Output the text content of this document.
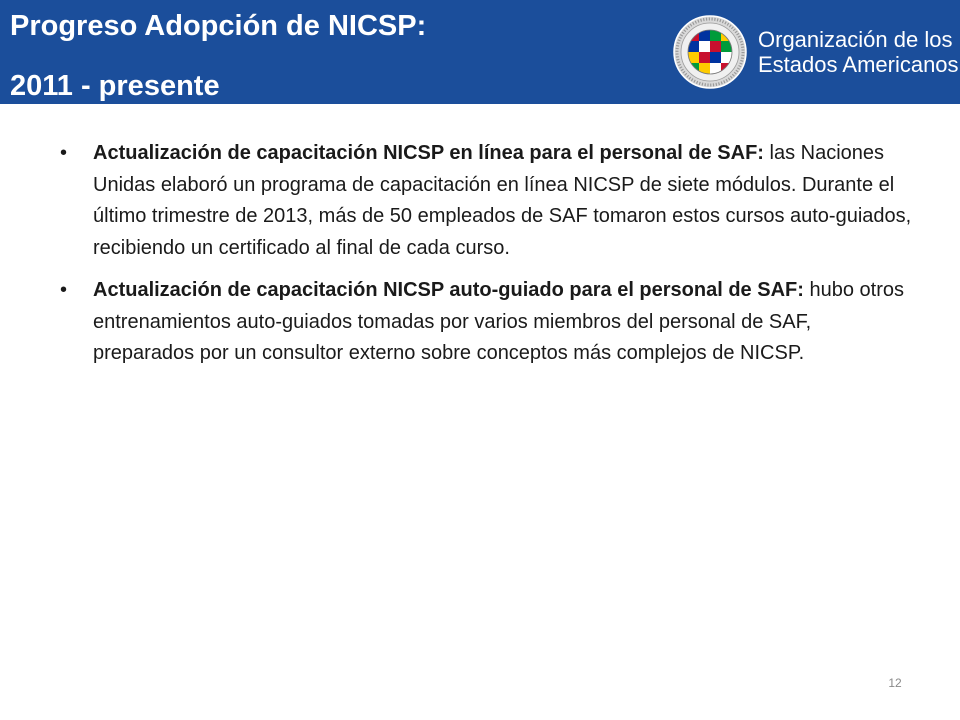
Progreso Adopción de NICSP:
2011 - presente
Organización de los
Estados Americanos
• Actualización de capacitación NICSP en línea para el personal de SAF: las Naciones Unidas elaboró un programa de capacitación en línea NICSP de siete módulos. Durante el último trimestre de 2013, más de 50 empleados de SAF tomaron estos cursos auto-guiados, recibiendo un certificado al final de cada curso.
• Actualización de capacitación NICSP auto-guiado para el personal de SAF: hubo otros entrenamientos auto-guiados tomadas por varios miembros del personal de SAF, preparados por un consultor externo sobre conceptos más complejos de NICSP.
12
